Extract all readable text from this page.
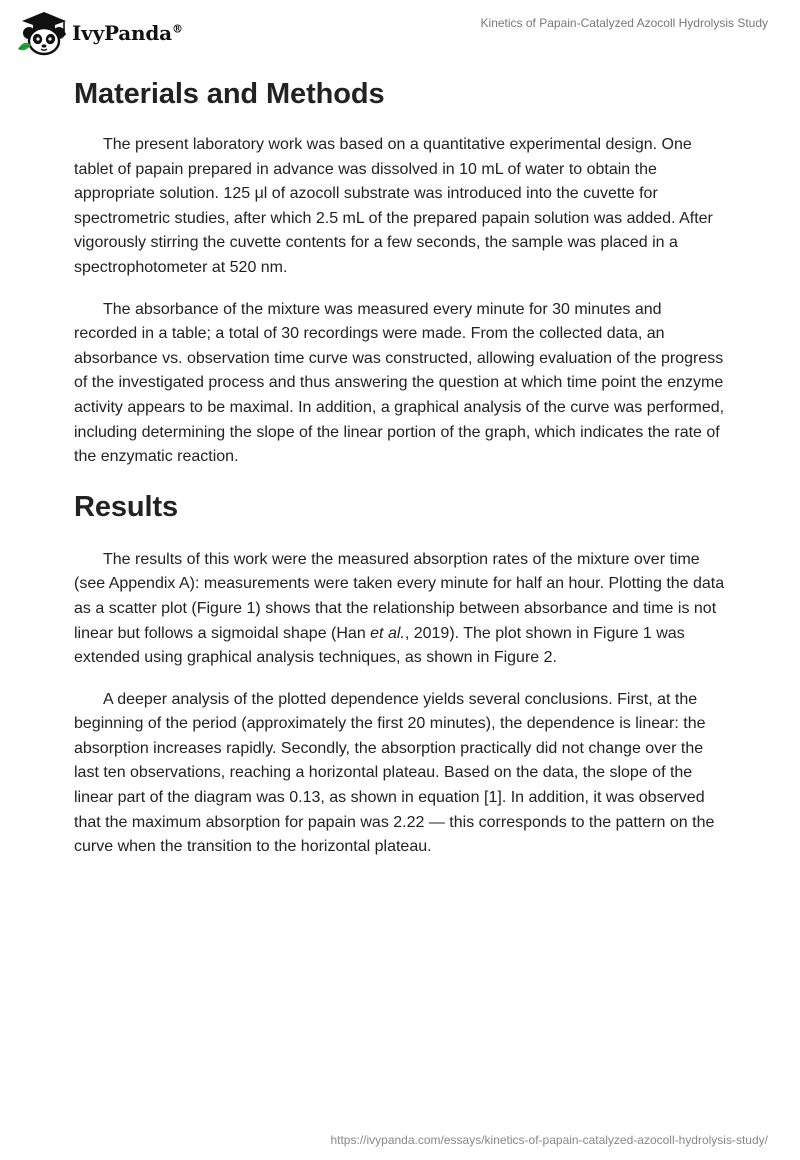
IvyPanda®	Kinetics of Papain-Catalyzed Azocoll Hydrolysis Study
Materials and Methods

The present laboratory work was based on a quantitative experimental design. One tablet of papain prepared in advance was dissolved in 10 mL of water to obtain the appropriate solution. 125 μl of azocoll substrate was introduced into the cuvette for spectrometric studies, after which 2.5 mL of the prepared papain solution was added. After vigorously stirring the cuvette contents for a few seconds, the sample was placed in a spectrophotometer at 520 nm.

The absorbance of the mixture was measured every minute for 30 minutes and recorded in a table; a total of 30 recordings were made. From the collected data, an absorbance vs. observation time curve was constructed, allowing evaluation of the progress of the investigated process and thus answering the question at which time point the enzyme activity appears to be maximal. In addition, a graphical analysis of the curve was performed, including determining the slope of the linear portion of the graph, which indicates the rate of the enzymatic reaction.

Results

The results of this work were the measured absorption rates of the mixture over time (see Appendix A): measurements were taken every minute for half an hour. Plotting the data as a scatter plot (Figure 1) shows that the relationship between absorbance and time is not linear but follows a sigmoidal shape (Han et al., 2019). The plot shown in Figure 1 was extended using graphical analysis techniques, as shown in Figure 2.

A deeper analysis of the plotted dependence yields several conclusions. First, at the beginning of the period (approximately the first 20 minutes), the dependence is linear: the absorption increases rapidly. Secondly, the absorption practically did not change over the last ten observations, reaching a horizontal plateau. Based on the data, the slope of the linear part of the diagram was 0.13, as shown in equation [1]. In addition, it was observed that the maximum absorption for papain was 2.22 — this corresponds to the pattern on the curve when the transition to the horizontal plateau.

https://ivypanda.com/essays/kinetics-of-papain-catalyzed-azocoll-hydrolysis-study/
